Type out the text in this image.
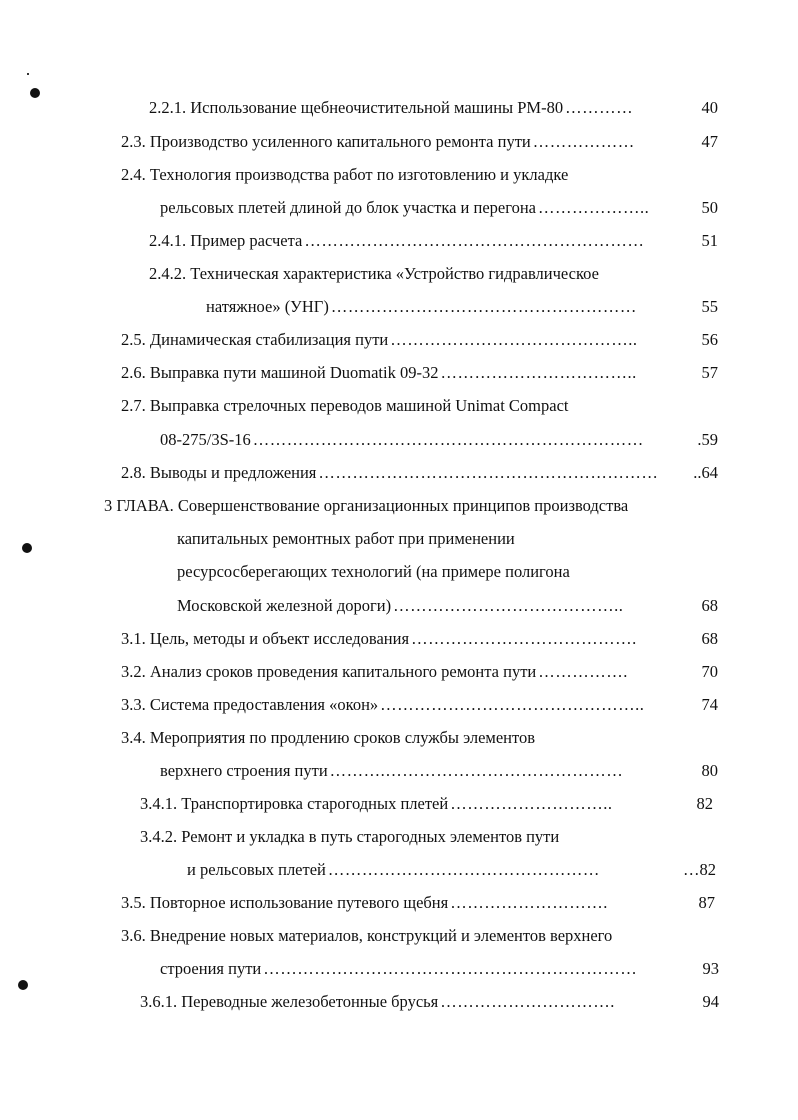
2.2.1. Использование щебнеочистительной машины РМ-80	40
…………
2.3. Производство усиленного капитального ремонта пути	47
………………
2.4. Технология производства работ по изготовлению и укладке
рельсовых плетей длиной до блок участка и перегона	50
………………..
2.4.1. Пример расчета	51
……………………………………………………
2.4.2. Техническая характеристика «Устройство гидравлическое
натяжное» (УНГ)	55
………………………………………………
2.5. Динамическая стабилизация пути	56
……………………………………..
2.6. Выправка пути машиной Duomatik 09-32	57
……………………………..
2.7. Выправка стрелочных переводов машиной Unimat Compact
08-275/3S-16	.59
……………………………………………………………
2.8. Выводы и предложения	..64
……………………………………………………
3 ГЛАВА. Совершенствование организационных принципов производства
капитальных ремонтных работ при применении
ресурсосберегающих технологий (на примере полигона
Московской железной дороги)	68
…………………………………..
3.1. Цель, методы и объект исследования	68
………………………………….
3.2. Анализ сроков проведения капитального ремонта пути	70
…………….
3.3. Система предоставления «окон»	74
………………………………………..
3.4. Мероприятия по продлению сроков службы элементов
верхнего строения пути	80
……….……………………………………
3.4.1. Транспортировка старогодных плетей	82
………………………..
3.4.2. Ремонт и укладка в путь старогодных элементов пути
и рельсовых плетей	…82
…………………………………………
3.5. Повторное использование путевого щебня	87
……………………….
3.6. Внедрение новых материалов, конструкций и элементов верхнего
строения пути	93
…………………………………………………………
3.6.1. Переводные железобетонные брусья	94
………………………….
